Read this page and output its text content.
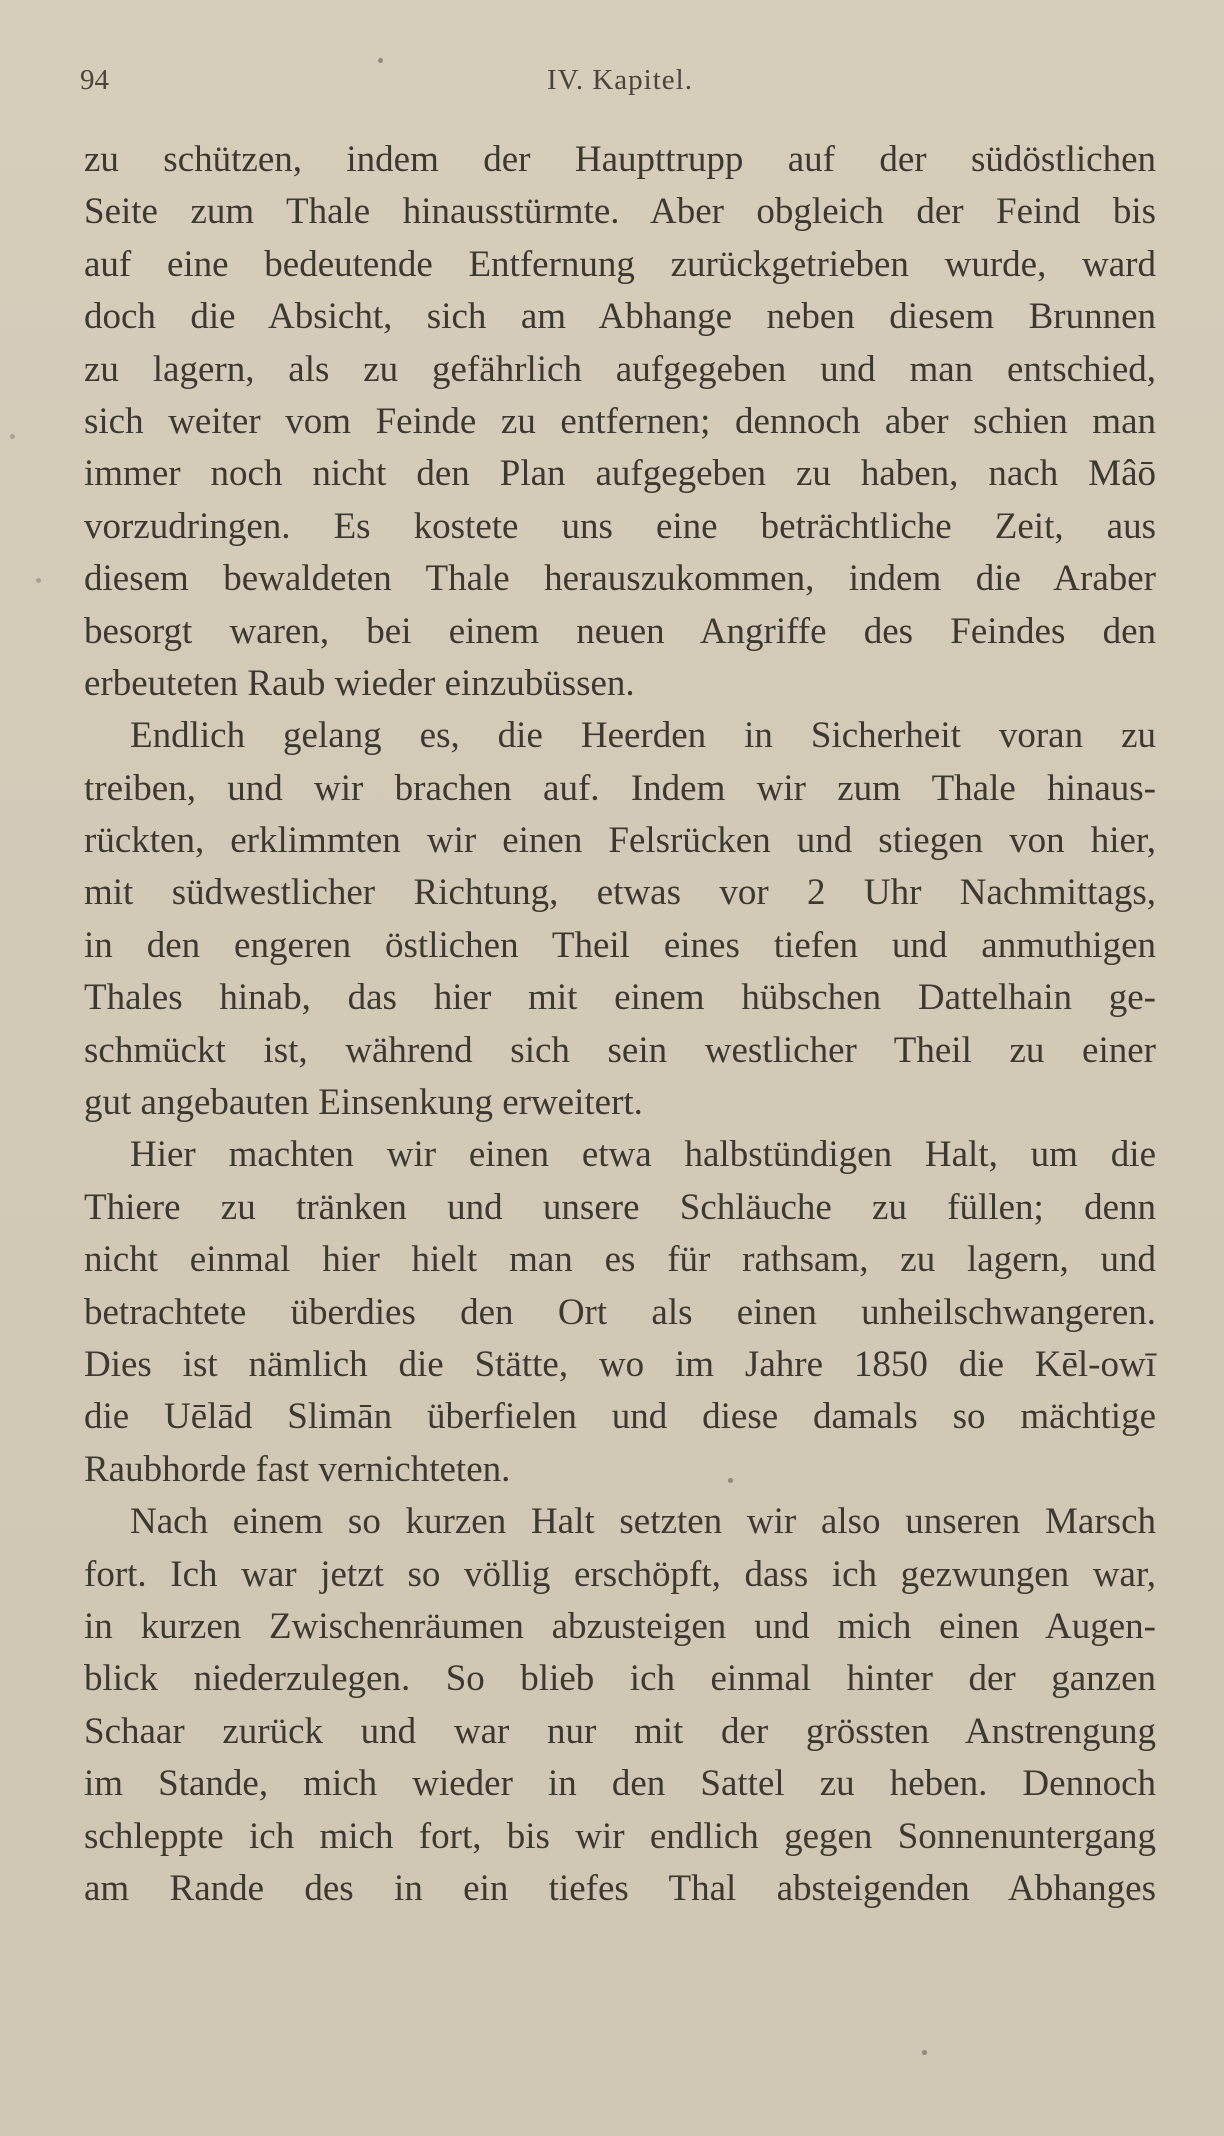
94	IV. Kapitel.
zu schützen, indem der Haupttrupp auf der südöstlichen
Seite zum Thale hinausstürmte. Aber obgleich der Feind bis
auf eine bedeutende Entfernung zurückgetrieben wurde, ward
doch die Absicht, sich am Abhange neben diesem Brunnen
zu lagern, als zu gefährlich aufgegeben und man entschied,
sich weiter vom Feinde zu entfernen; dennoch aber schien man
immer noch nicht den Plan aufgegeben zu haben, nach Mâō
vorzudringen. Es kostete uns eine beträchtliche Zeit, aus
diesem bewaldeten Thale herauszukommen, indem die Araber
besorgt waren, bei einem neuen Angriffe des Feindes den
erbeuteten Raub wieder einzubüssen.
Endlich gelang es, die Heerden in Sicherheit voran zu
treiben, und wir brachen auf. Indem wir zum Thale hinaus-
rückten, erklimmten wir einen Felsrücken und stiegen von hier,
mit südwestlicher Richtung, etwas vor 2 Uhr Nachmittags,
in den engeren östlichen Theil eines tiefen und anmuthigen
Thales hinab, das hier mit einem hübschen Dattelhain ge-
schmückt ist, während sich sein westlicher Theil zu einer
gut angebauten Einsenkung erweitert.
Hier machten wir einen etwa halbstündigen Halt, um die
Thiere zu tränken und unsere Schläuche zu füllen; denn
nicht einmal hier hielt man es für rathsam, zu lagern, und
betrachtete überdies den Ort als einen unheilschwangeren.
Dies ist nämlich die Stätte, wo im Jahre 1850 die Kēl-owī
die Uēlād Slimān überfielen und diese damals so mächtige
Raubhorde fast vernichteten.
Nach einem so kurzen Halt setzten wir also unseren Marsch
fort. Ich war jetzt so völlig erschöpft, dass ich gezwungen war,
in kurzen Zwischenräumen abzusteigen und mich einen Augen-
blick niederzulegen. So blieb ich einmal hinter der ganzen
Schaar zurück und war nur mit der grössten Anstrengung
im Stande, mich wieder in den Sattel zu heben. Dennoch
schleppte ich mich fort, bis wir endlich gegen Sonnenuntergang
am Rande des in ein tiefes Thal absteigenden Abhanges
